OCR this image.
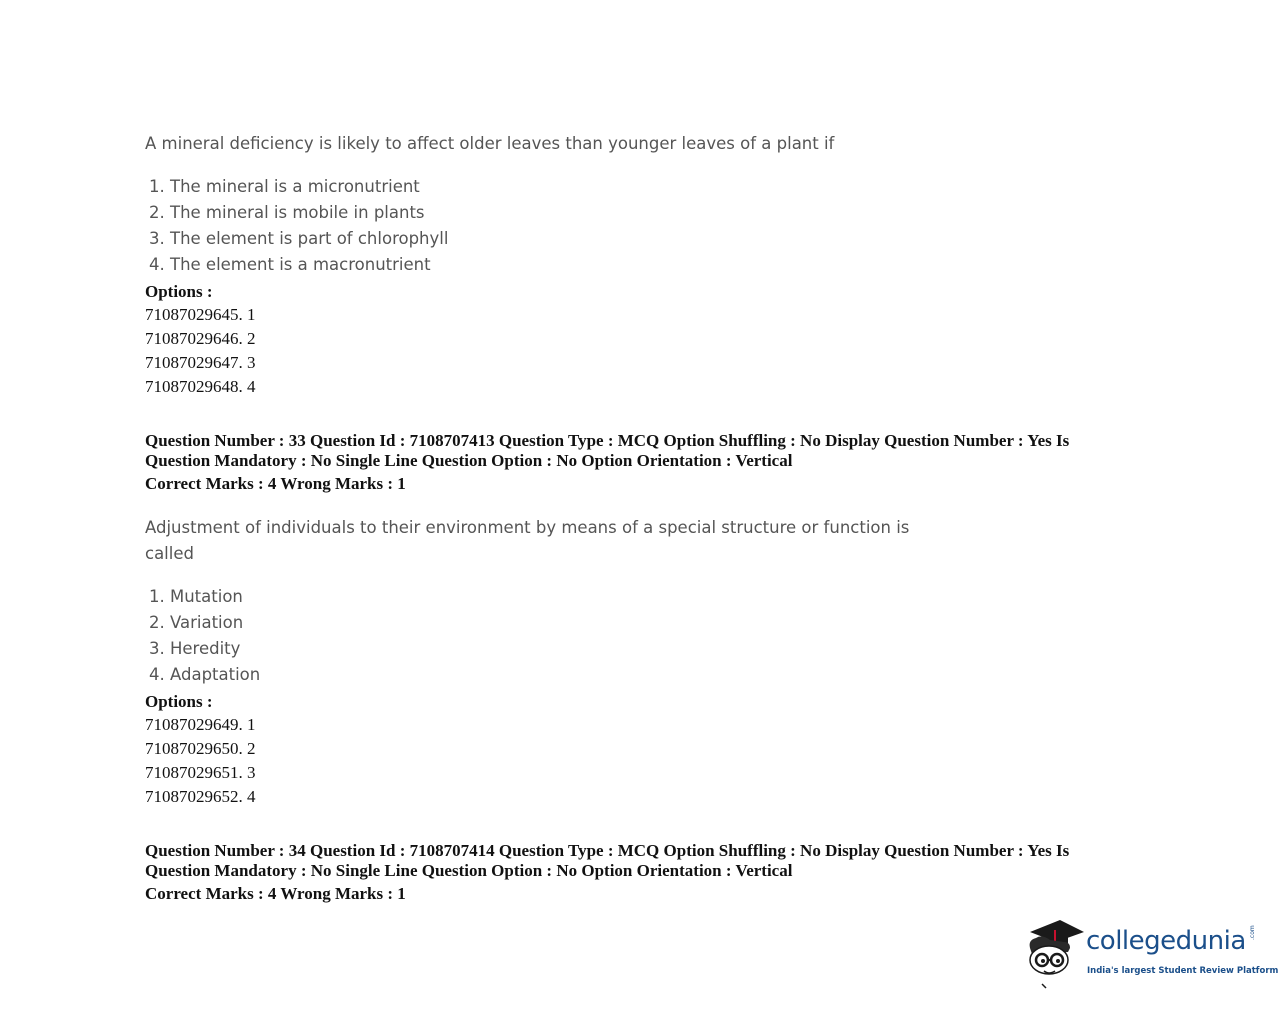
A mineral deficiency is likely to affect older leaves than younger leaves of a plant if
1. The mineral is a micronutrient
2. The mineral is mobile in plants
3. The element is part of chlorophyll
4. The element is a macronutrient
Options :
71087029645. 1
71087029646. 2
71087029647. 3
71087029648. 4
Question Number : 33 Question Id : 7108707413 Question Type : MCQ Option Shuffling : No Display Question Number : Yes Is Question Mandatory : No Single Line Question Option : No Option Orientation : Vertical
Correct Marks : 4 Wrong Marks : 1
Adjustment of individuals to their environment by means of a special structure or function is
called
1. Mutation
2. Variation
3. Heredity
4. Adaptation
Options :
71087029649. 1
71087029650. 2
71087029651. 3
71087029652. 4
Question Number : 34 Question Id : 7108707414 Question Type : MCQ Option Shuffling : No Display Question Number : Yes Is Question Mandatory : No Single Line Question Option : No Option Orientation : Vertical
Correct Marks : 4 Wrong Marks : 1
collegedunia .com
India's largest Student Review Platform
